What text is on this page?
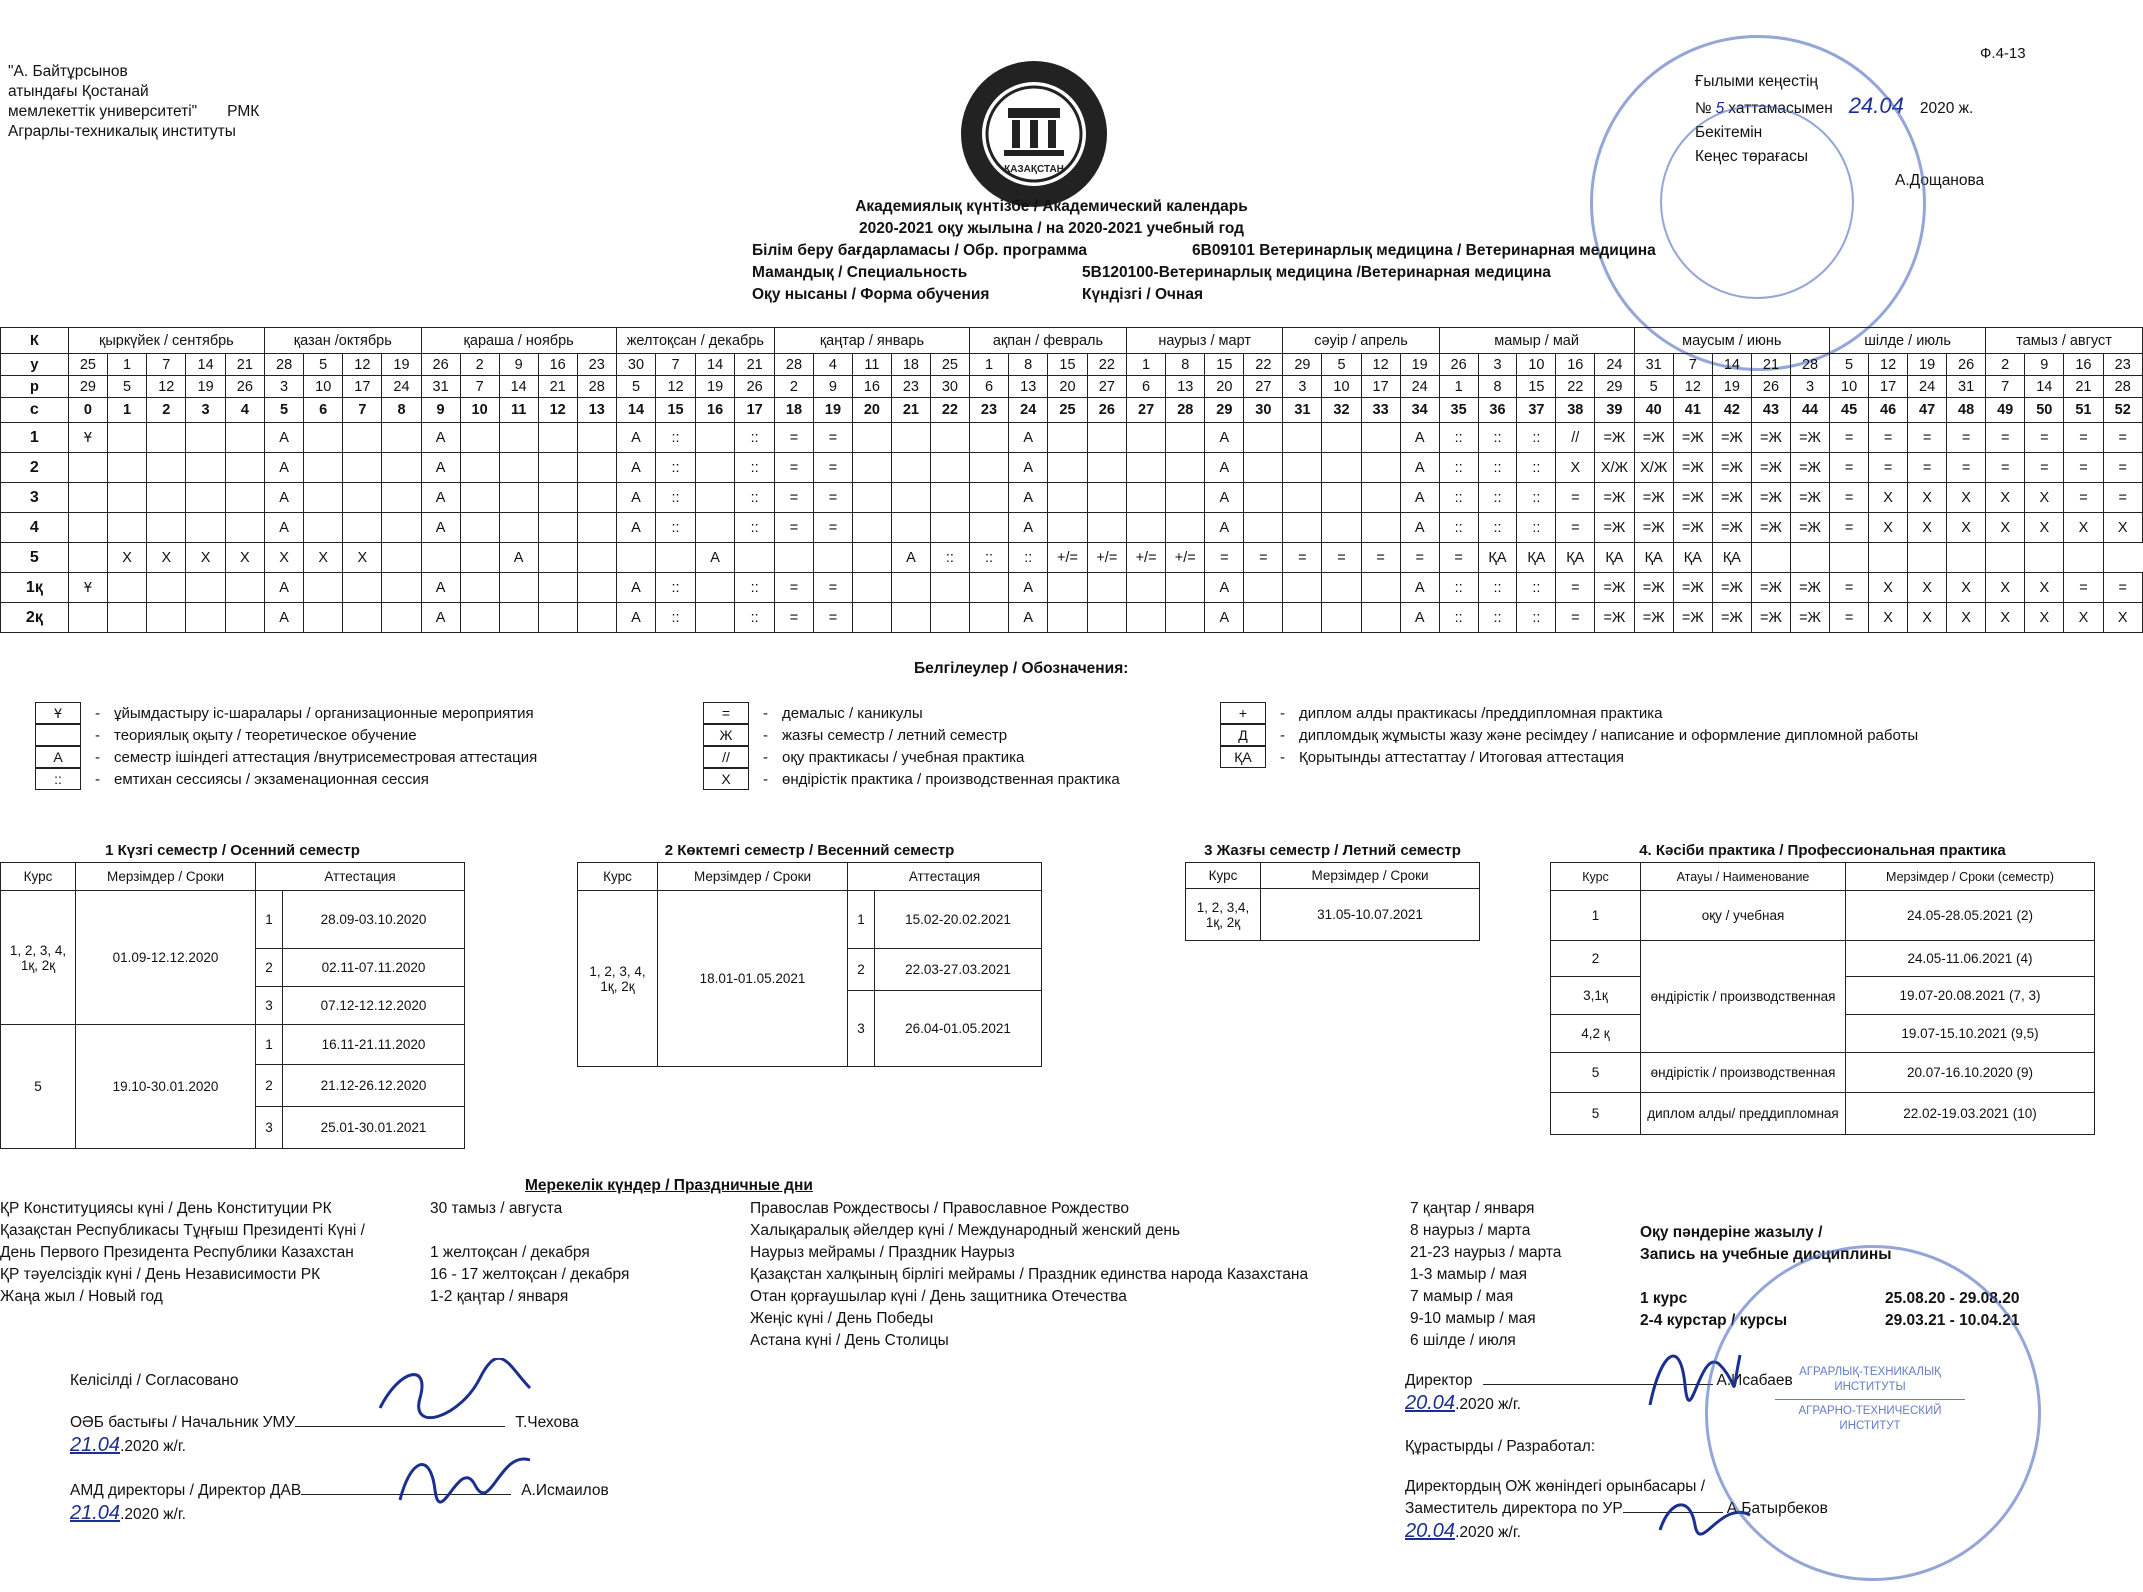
"А. Байтұрсынов
атындағы Қостанай
мемлекеттік университеті" РМК
Аграрлы-техникалық институты
Ф.4-13
ҚАЗАҚСТАН
Ғылыми кеңестің
№ 5 хаттамасымен 24.04 2020 ж.
Бекітемін
Кеңес төрағасы
А.Дощанова
Академиялық күнтізбе / Академический календарь
2020-2021 оқу жылына / на 2020-2021 учебный год
Білім беру бағдарламасы / Обр. программа	6В09101 Ветеринарлық медицина / Ветеринарная медицина
Мамандық / Специальность	5В120100-Ветеринарлық медицина /Ветеринарная медицина
Оқу нысаны / Форма обучения	Күндізгі / Очная
К	қыркүйек / сентябрь					қазан /октябрь				қараша / ноябрь					желтоқсан / декабрь				қаңтар / январь					ақпан / февраль				наурыз / март				сәуір / апрель				мамыр / май					маусым / июнь					шілде / июль				тамыз / август			
у	25	1	7	14	21	28	5	12	19	26	2	9	16	23	30	7	14	21	28	4	11	18	25	1	8	15	22	1	8	15	22	29	5	12	19	26	3	10	16	24	31	7	14	21	28	5	12	19	26	2	9	16	23
р	29	5	12	19	26	3	10	17	24	31	7	14	21	28	5	12	19	26	2	9	16	23	30	6	13	20	27	6	13	20	27	3	10	17	24	1	8	15	22	29	5	12	19	26	3	10	17	24	31	7	14	21	28
с	0	1	2	3	4	5	6	7	8	9	10	11	12	13	14	15	16	17	18	19	20	21	22	23	24	25	26	27	28	29	30	31	32	33	34	35	36	37	38	39	40	41	42	43	44	45	46	47	48	49	50	51	52
1	Ұ					А				А					А	::		::	=	=					А					А					А	::	::	::	//	=Ж	=Ж	=Ж	=Ж	=Ж	=Ж	=	=	=	=	=	=	=	=
2						А				А					А	::		::	=	=					А					А					А	::	::	::	Х	Х/Ж	Х/Ж	=Ж	=Ж	=Ж	=Ж	=	=	=	=	=	=	=	=
3						А				А					А	::		::	=	=					А					А					А	::	::	::	=	=Ж	=Ж	=Ж	=Ж	=Ж	=Ж	=	Х	Х	Х	Х	Х	=	=
4						А				А					А	::		::	=	=					А					А					А	::	::	::	=	=Ж	=Ж	=Ж	=Ж	=Ж	=Ж	=	Х	Х	Х	Х	Х	Х	Х
5		Х	Х	Х	Х	Х	Х	Х				А					А					А	::	::	::	+/=	+/=	+/=	+/=	=	=	=	=	=	=	=	ҚА	ҚА	ҚА	ҚА	ҚА	ҚА	ҚА										
1қ	Ұ					А				А					А	::		::	=	=					А					А					А	::	::	::	=	=Ж	=Ж	=Ж	=Ж	=Ж	=Ж	=	Х	Х	Х	Х	Х	=	=
2қ						А				А					А	::		::	=	=					А					А					А	::	::	::	=	=Ж	=Ж	=Ж	=Ж	=Ж	=Ж	=	Х	Х	Х	Х	Х	Х	Х
Белгілеулер / Обозначения:
Ұ	-	ұйымдастыру іс-шаралары / организационные мероприятия
	-	теориялық оқыту / теоретическое обучение
А	-	семестр ішіндегі аттестация /внутрисеместровая аттестация
::	-	емтихан сессиясы / экзаменационная сессия
=	-	демалыс / каникулы
Ж	-	жазғы семестр / летний семестр
//	-	оқу практикасы / учебная практика
Х	-	өндірістік практика / производственная практика
+	-	диплом алды практикасы /преддипломная практика
Д	-	дипломдық жұмысты жазу және ресімдеу / написание и оформление дипломной работы
ҚА	-	Қорытынды аттестаттау / Итоговая аттестация
1 Күзгі семестр / Осенний семестр
Курс	Мерзімдер / Сроки	Аттестация	
1, 2, 3, 4, 1қ, 2қ	01.09-12.12.2020	1	28.09-03.10.2020
		2	02.11-07.11.2020
		3	07.12-12.12.2020
5	19.10-30.01.2020	1	16.11-21.11.2020
		2	21.12-26.12.2020
		3	25.01-30.01.2021
2 Көктемгі семестр / Весенний семестр
Курс	Мерзімдер / Сроки	Аттестация	
1, 2, 3, 4, 1қ, 2қ	18.01-01.05.2021	1	15.02-20.02.2021
		2	22.03-27.03.2021
		3	26.04-01.05.2021
3 Жазғы семестр / Летний семестр
Курс	Мерзімдер / Сроки
1, 2, 3,4, 1қ, 2қ	31.05-10.07.2021
4. Кәсіби практика / Профессиональная практика
Курс	Атауы / Наименование	Мерзімдер / Сроки (семестр)
1	оқу / учебная	24.05-28.05.2021 (2)
2	өндірістік / производственная	24.05-11.06.2021 (4)
3,1қ		19.07-20.08.2021 (7, 3)
4,2 қ		19.07-15.10.2021 (9,5)
5	өндірістік / производственная	20.07-16.10.2020 (9)
5	диплом алды/ преддипломная	22.02-19.03.2021 (10)
Мерекелік күндер / Праздничные дни
ҚР Конституциясы күні / День Конституции РК	30 тамыз / августа
Қазақстан Республикасы Тұңғыш Президенті Күні /
День Первого Президента Республики Казахстан	1 желтоқсан / декабря
ҚР тәуелсіздік күні / День Независимости РК	16 - 17 желтоқсан / декабря
Жаңа жыл / Новый год	1-2 қаңтар / января
Православ Рождествосы / Православное Рождество	7 қаңтар / января
Халықаралық әйелдер күні / Международный женский день	8 наурыз / марта
Наурыз мейрамы / Праздник Наурыз	21-23 наурыз / марта
Қазақстан халқының бірлігі мейрамы / Праздник единства народа Казахстана	1-3 мамыр / мая
Отан қорғаушылар күні / День защитника Отечества	7 мамыр / мая
Жеңіс күні / День Победы	9-10 мамыр / мая
Астана күні / День Столицы	6 шілде / июля
Оқу пәндеріне жазылу /
Запись на учебные дисциплины
1 курс	25.08.20 - 29.08.20
2-4 курстар / курсы	29.03.21 - 10.04.21
Келісілді / Согласовано
ОӘБ бастығы / Начальник УМУ	Т.Чехова
21.04.2020 ж/г.
АМД директоры / Директор ДАВ	А.Исмаилов
21.04.2020 ж/г.
Директор	А.Исабаев
20.04.2020 ж/г.
Құрастырды / Разработал:
Директордың ОЖ жөніндегі орынбасары /
Заместитель директора по УР	А.Батырбеков
20.04.2020 ж/г.
АГРАРЛЫҚ-ТЕХНИКАЛЫҚ
ИНСТИТУТЫ
АГРАРНО-ТЕХНИЧЕСКИЙ
ИНСТИТУТ
